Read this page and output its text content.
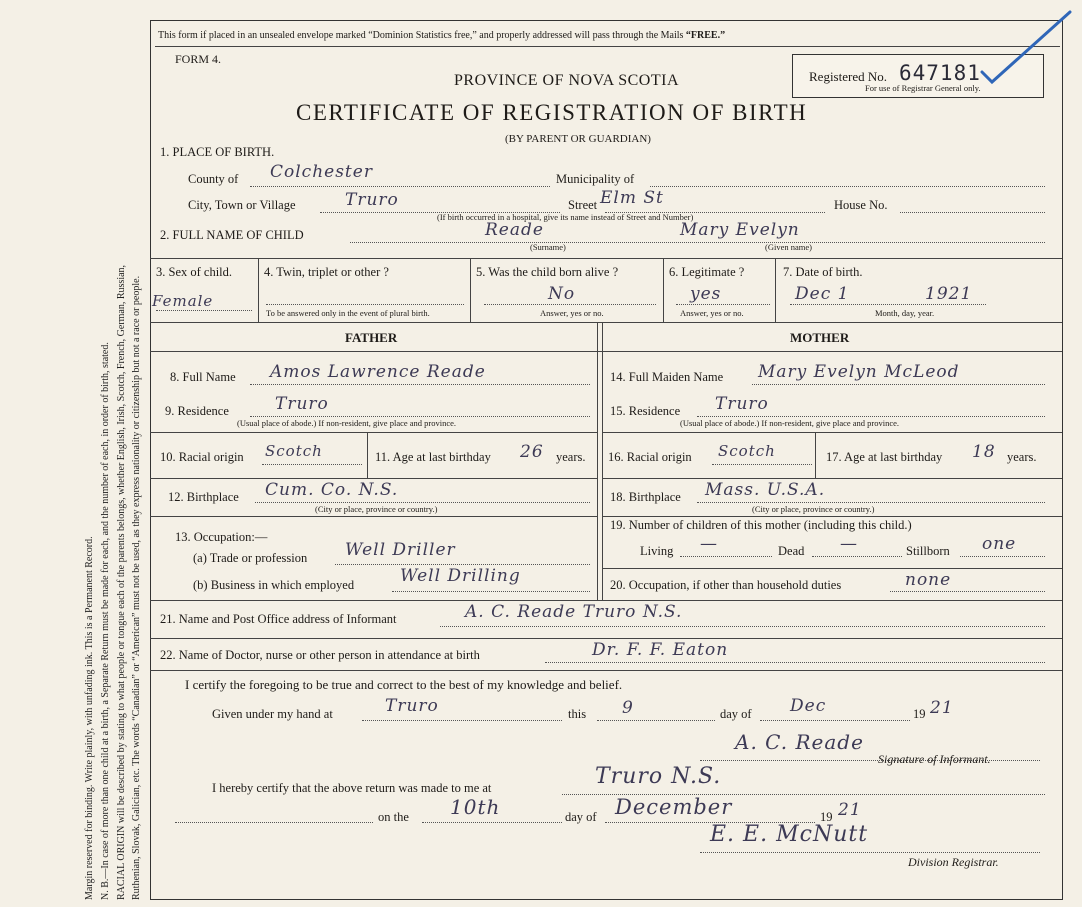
Margin reserved for binding. Write plainly, with unfading ink. This is a Permanent Record. N. B.—In case of more than one child at a birth, a Separate Return must be made for each, and the number of each, in order of birth, stated. RACIAL ORIGIN will be described by stating to what people or tongue each of the parents belongs, whether English, Irish, Scotch, French, German, Russian, Ruthenian, Slovak, Galician, etc. The words “Canadian” or “American” must not be used, as they express nationality or citizenship but not a race or people.
This form if placed in an unsealed envelope marked “Dominion Statistics free,” and properly addressed will pass through the Mails “FREE.”
FORM 4.
Registered No. 647181
For use of Registrar General only.
PROVINCE OF NOVA SCOTIA
CERTIFICATE OF REGISTRATION OF BIRTH
(BY PARENT OR GUARDIAN)
1. PLACE OF BIRTH.
County of Colchester	Municipality of
City, Town or Village	Truro	Street Elm St	House No.
(If birth occurred in a hospital, give its name instead of Street and Number)
2. FULL NAME OF CHILD	Reade
(Surname)
Mary Evelyn
(Given name)
3. Sex of child.
Female
4. Twin, triplet or other ?
To be answered only in the event of plural birth.
5. Was the child born alive ?
No
Answer, yes or no.
6. Legitimate ?
yes
Answer, yes or no.
7. Date of birth.
Dec 1	1921
Month, day, year.
FATHER	MOTHER
8. Full Name Amos Lawrence Reade
9. Residence	Truro
(Usual place of abode.) If non-resident, give place and province.
10. Racial origin Scotch	11. Age at last birthday 26 years.
12. Birthplace Cum. Co. N.S.
(City or place, province or country.)
13. Occupation:—
(a) Trade or profession Well Driller
(b) Business in which employed	Well Drilling
14. Full Maiden Name Mary Evelyn McLeod
15. Residence Truro
(Usual place of abode.) If non-resident, give place and province.
16. Racial origin Scotch	17. Age at last birthday 18 years.
18. Birthplace Mass. U.S.A.
(City or place, province or country.)
19. Number of children of this mother (including this child.)
Living —	Dead —	Stillborn one
20. Occupation, if other than household duties	none
21. Name and Post Office address of Informant	A. C. Reade Truro N.S.
22. Name of Doctor, nurse or other person in attendance at birth	Dr. F. F. Eaton
I certify the foregoing to be true and correct to the best of my knowledge and belief.
Given under my hand at	Truro	this 9	day of Dec	19 21
A. C. Reade
Signature of Informant.
I hereby certify that the above return was made to me at	Truro N.S.
on the 10th	day of December	19 21
E. E. McNutt
Division Registrar.
